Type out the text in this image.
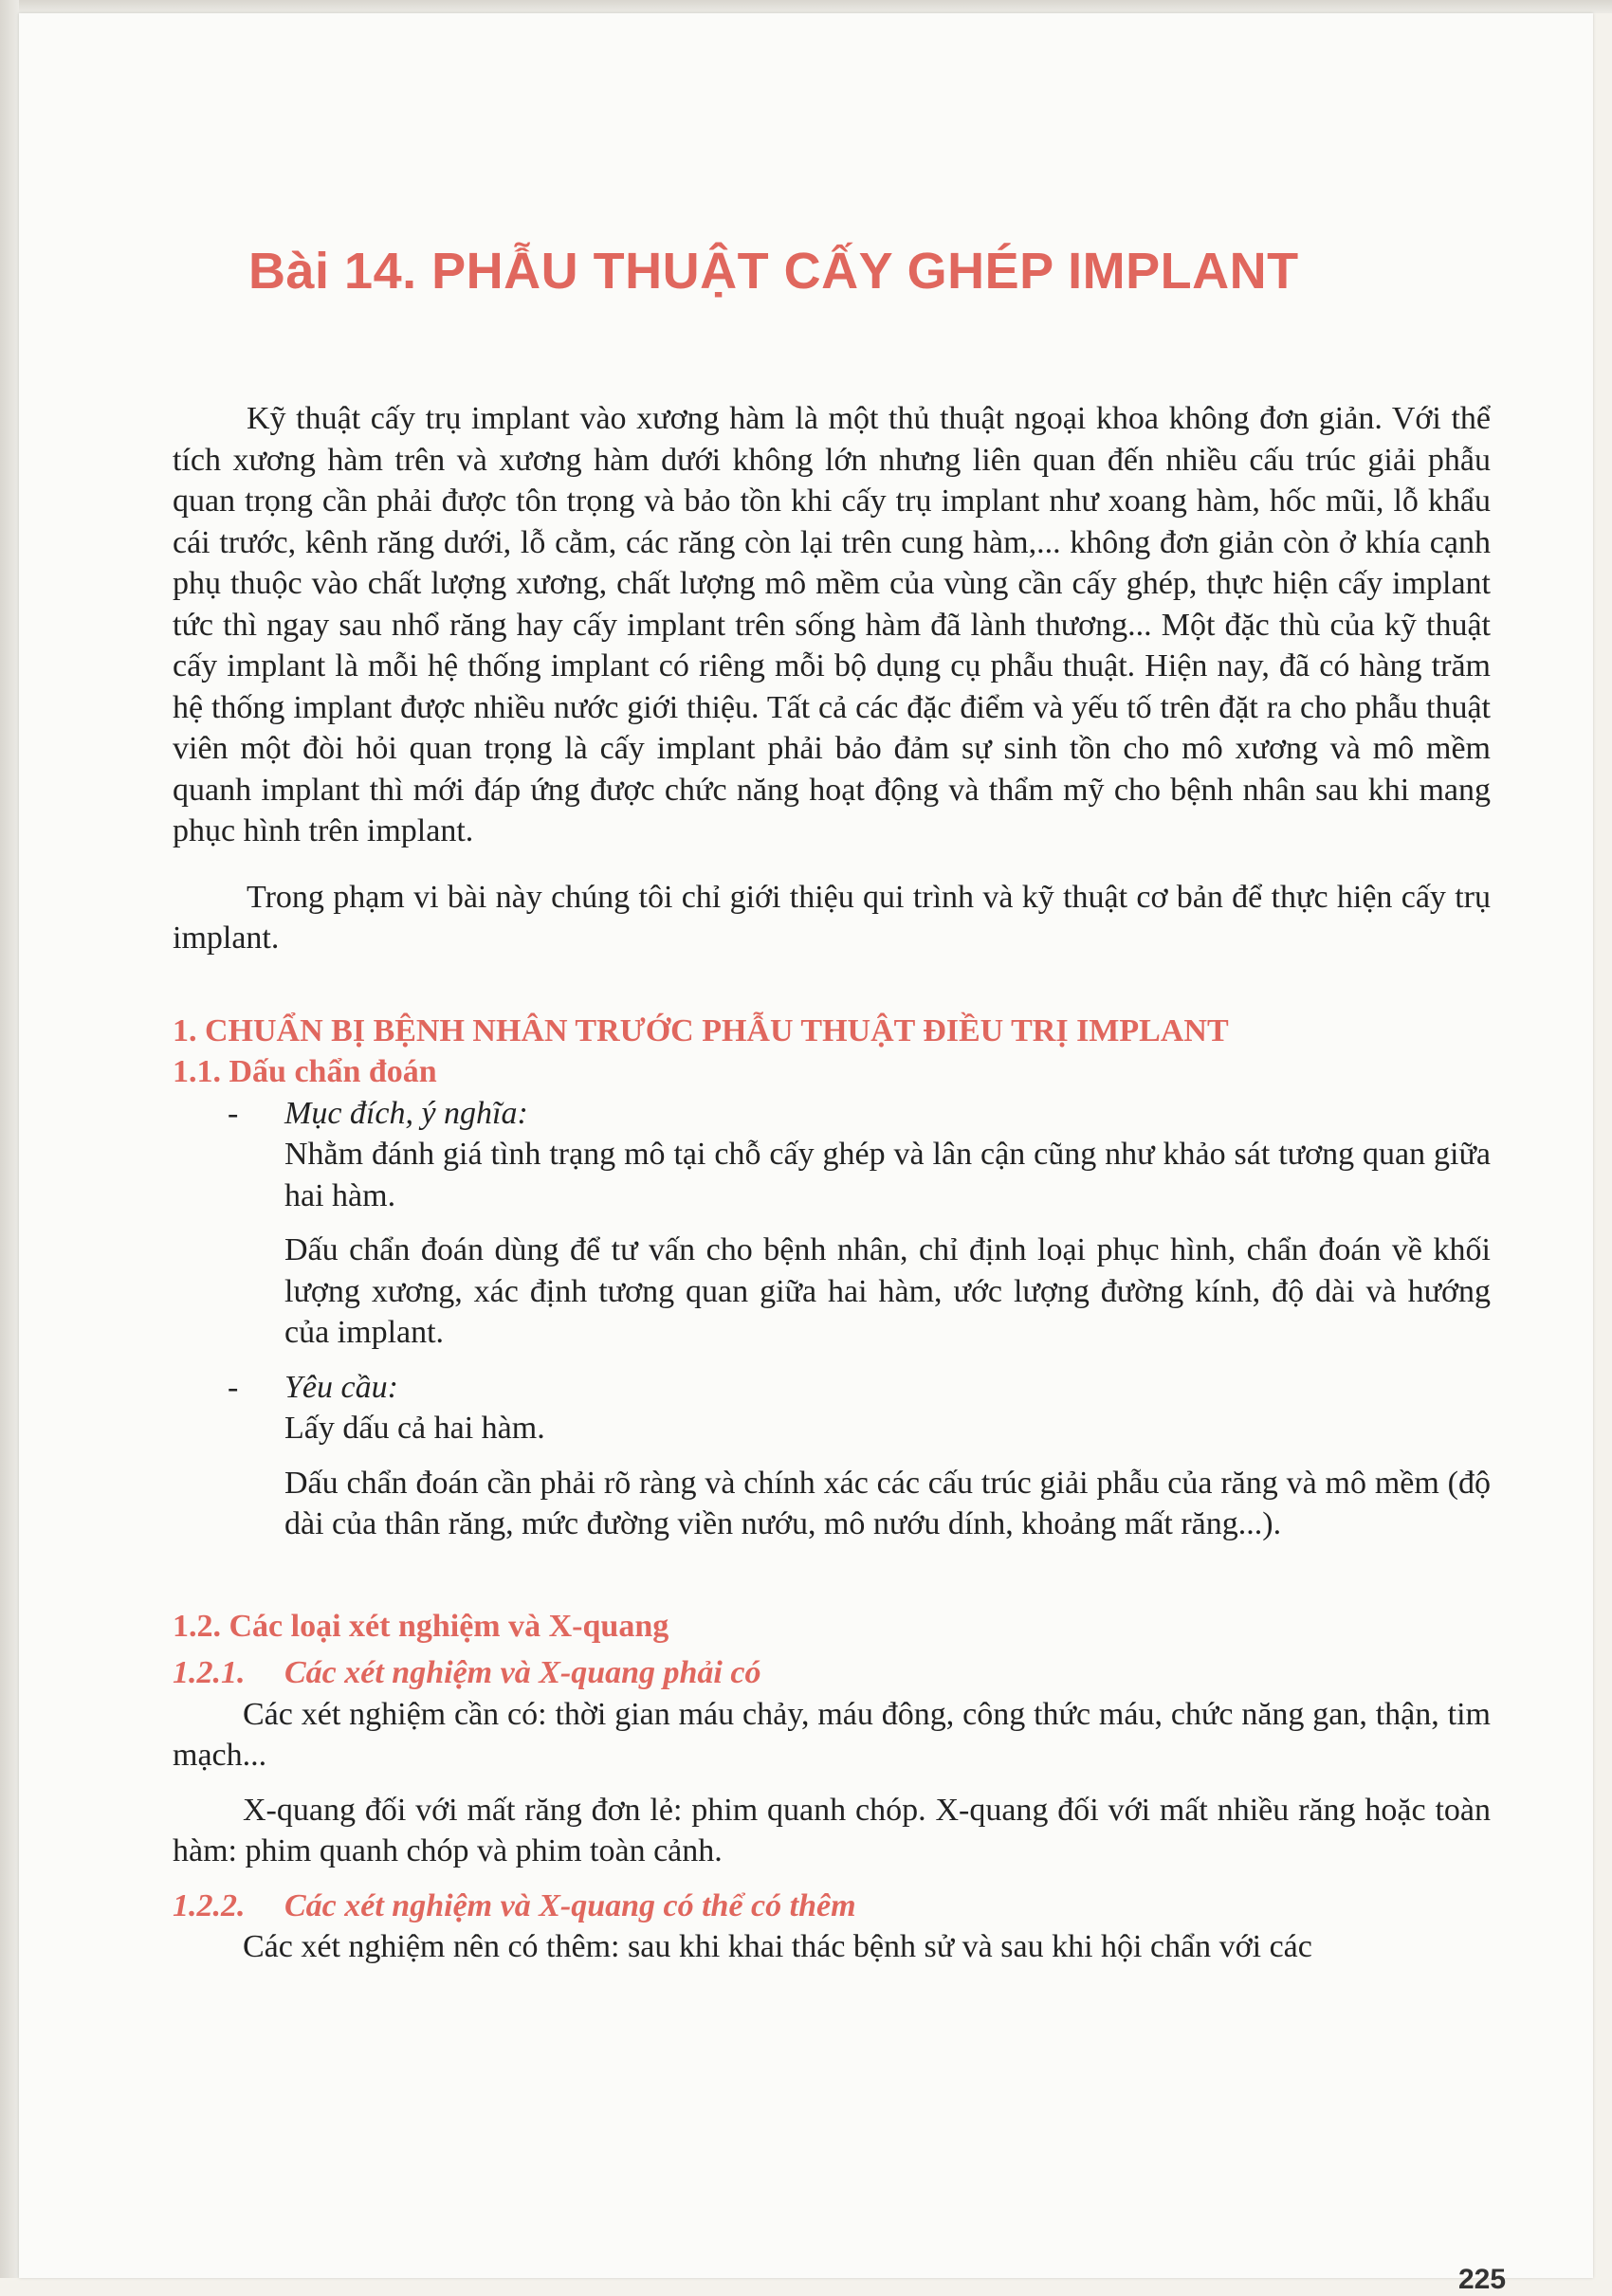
Bài 14. PHẪU THUẬT CẤY GHÉP IMPLANT

Kỹ thuật cấy trụ implant vào xương hàm là một thủ thuật ngoại khoa không đơn giản. Với thể tích xương hàm trên và xương hàm dưới không lớn nhưng liên quan đến nhiều cấu trúc giải phẫu quan trọng cần phải được tôn trọng và bảo tồn khi cấy trụ implant như xoang hàm, hốc mũi, lỗ khẩu cái trước, kênh răng dưới, lỗ cằm, các răng còn lại trên cung hàm,... không đơn giản còn ở khía cạnh phụ thuộc vào chất lượng xương, chất lượng mô mềm của vùng cần cấy ghép, thực hiện cấy implant tức thì ngay sau nhổ răng hay cấy implant trên sống hàm đã lành thương... Một đặc thù của kỹ thuật cấy implant là mỗi hệ thống implant có riêng mỗi bộ dụng cụ phẫu thuật. Hiện nay, đã có hàng trăm hệ thống implant được nhiều nước giới thiệu. Tất cả các đặc điểm và yếu tố trên đặt ra cho phẫu thuật viên một đòi hỏi quan trọng là cấy implant phải bảo đảm sự sinh tồn cho mô xương và mô mềm quanh implant thì mới đáp ứng được chức năng hoạt động và thẩm mỹ cho bệnh nhân sau khi mang phục hình trên implant.

Trong phạm vi bài này chúng tôi chỉ giới thiệu qui trình và kỹ thuật cơ bản để thực hiện cấy trụ implant.

1. CHUẨN BỊ BỆNH NHÂN TRƯỚC PHẪU THUẬT ĐIỀU TRỊ IMPLANT

1.1. Dấu chẩn đoán

- Mục đích, ý nghĩa:

Nhằm đánh giá tình trạng mô tại chỗ cấy ghép và lân cận cũng như khảo sát tương quan giữa hai hàm.

Dấu chẩn đoán dùng để tư vấn cho bệnh nhân, chỉ định loại phục hình, chẩn đoán về khối lượng xương, xác định tương quan giữa hai hàm, ước lượng đường kính, độ dài và hướng của implant.

- Yêu cầu:

Lấy dấu cả hai hàm.

Dấu chẩn đoán cần phải rõ ràng và chính xác các cấu trúc giải phẫu của răng và mô mềm (độ dài của thân răng, mức đường viền nướu, mô nướu dính, khoảng mất răng...).

1.2. Các loại xét nghiệm và X-quang

1.2.1. Các xét nghiệm và X-quang phải có

Các xét nghiệm cần có: thời gian máu chảy, máu đông, công thức máu, chức năng gan, thận, tim mạch...

X-quang đối với mất răng đơn lẻ: phim quanh chóp. X-quang đối với mất nhiều răng hoặc toàn hàm: phim quanh chóp và phim toàn cảnh.

1.2.2. Các xét nghiệm và X-quang có thể có thêm

Các xét nghiệm nên có thêm: sau khi khai thác bệnh sử và sau khi hội chẩn với các

225
